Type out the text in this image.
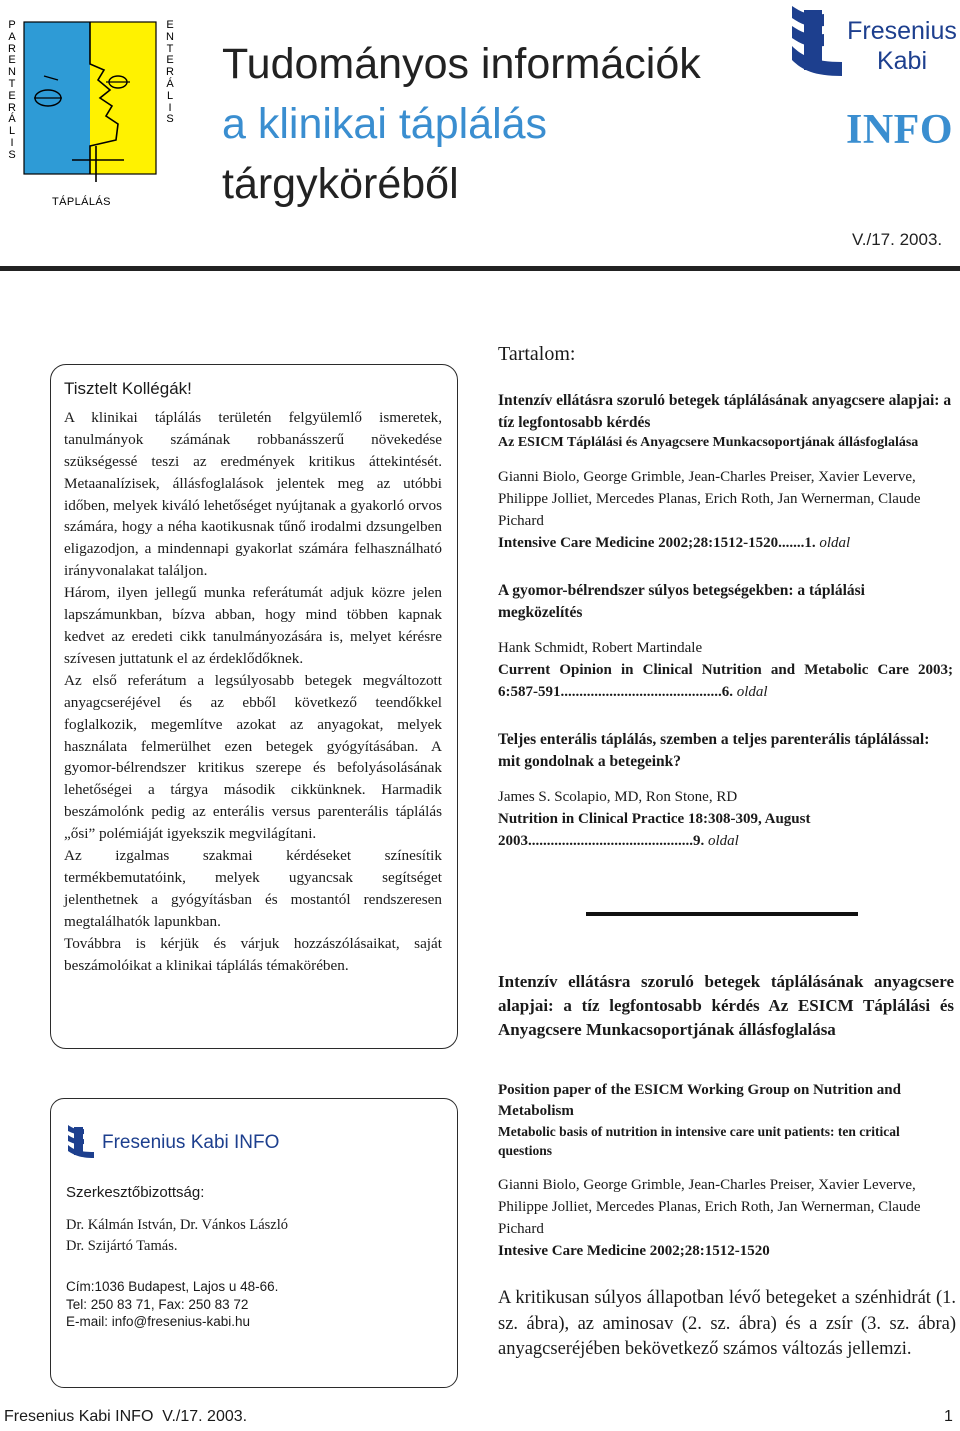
P
A
R
E
N
T
E
R
Á
L
I
S
E
N
T
E
R
Á
L
I
S
TÁPLÁLÁS
Tudományos információk
a klinikai táplálás
tárgyköréből
Fresenius
Kabi
INFO
V./17. 2003.
Tisztelt Kollégák!

A klinikai táplálás területén felgyülemlő ismeretek, tanulmányok számának robbanásszerű növekedése szükségessé teszi az eredmények kritikus áttekintését. Metaanalízisek, állásfoglalások jelentek meg az utóbbi időben, melyek kiváló lehetőséget nyújtanak a gyakorló orvos számára, hogy a néha kaotikusnak tűnő irodalmi dzsungelben eligazodjon, a mindennapi gyakorlat számára felhasználható irányvonalakat találjon.

Három, ilyen jellegű munka referátumát adjuk közre jelen lapszámunkban, bízva abban, hogy mind többen kapnak kedvet az eredeti cikk tanulmányozására is, melyet kérésre szívesen juttatunk el az érdeklődőknek.

Az első referátum a legsúlyosabb betegek megváltozott anyagcseréjével és az ebből következő teendőkkel foglalkozik, megemlítve azokat az anyagokat, melyek használata felmerülhet ezen betegek gyógyításában. A gyomor-bélrendszer kritikus szerepe és befolyásolásának lehetőségei a tárgya második cikkünknek. Harmadik beszámolónk pedig az enterális versus parenterális táplálás „ősi” polémiáját igyekszik megvilágítani.

Az izgalmas szakmai kérdéseket színesítik termékbemutatóink, melyek ugyancsak segítséget jelenthetnek a gyógyításban és mostantól rendszeresen megtalálhatók lapunkban.

Továbbra is kérjük és várjuk hozzászólásaikat, saját beszámolóikat a klinikai táplálás témakörében.

Fresenius Kabi INFO
Szerkesztőbizottság:
Dr. Kálmán István, Dr. Vánkos László
Dr. Szijártó Tamás.
Cím:1036 Budapest, Lajos u 48-66.
Tel: 250 83 71, Fax: 250 83 72
E-mail: info@fresenius-kabi.hu
Tartalom:
Intenzív ellátásra szoruló betegek táplálásának anyagcsere alapjai: a tíz legfontosabb kérdés
Az ESICM Táplálási és Anyagcsere Munkacsoportjának állásfoglalása
Gianni Biolo, George Grimble, Jean-Charles Preiser, Xavier Leverve, Philippe Jolliet, Mercedes Planas, Erich Roth, Jan Wernerman, Claude Pichard
Intensive Care Medicine 2002;28:1512-1520.......1. oldal
A gyomor-bélrendszer súlyos betegségekben: a táplálási megközelítés
Hank Schmidt, Robert Martindale
Current Opinion in Clinical Nutrition and Metabolic Care 2003; 6:587-591...........................................6. oldal
Teljes enterális táplálás, szemben a teljes parenterális táplálással: mit gondolnak a betegeink?
James S. Scolapio, MD, Ron Stone, RD
Nutrition in Clinical Practice 18:308-309, August 2003............................................9. oldal
Intenzív ellátásra szoruló betegek táplálásának anyagcsere alapjai: a tíz legfontosabb kérdés Az ESICM Táplálási és Anyagcsere Munkacsoportjának állásfoglalása
Position paper of the ESICM Working Group on Nutrition and Metabolism
Metabolic basis of nutrition in intensive care unit patients: ten critical questions
Gianni Biolo, George Grimble, Jean-Charles Preiser, Xavier Leverve, Philippe Jolliet, Mercedes Planas, Erich Roth, Jan Wernerman, Claude Pichard
Intesive Care Medicine 2002;28:1512-1520
A kritikusan súlyos állapotban lévő betegeket a szénhidrát (1. sz. ábra), az aminosav (2. sz. ábra) és a zsír (3. sz. ábra) anyagcseréjében bekövetkező számos változás jellemzi.
Fresenius Kabi INFO  V./17. 2003.	1
